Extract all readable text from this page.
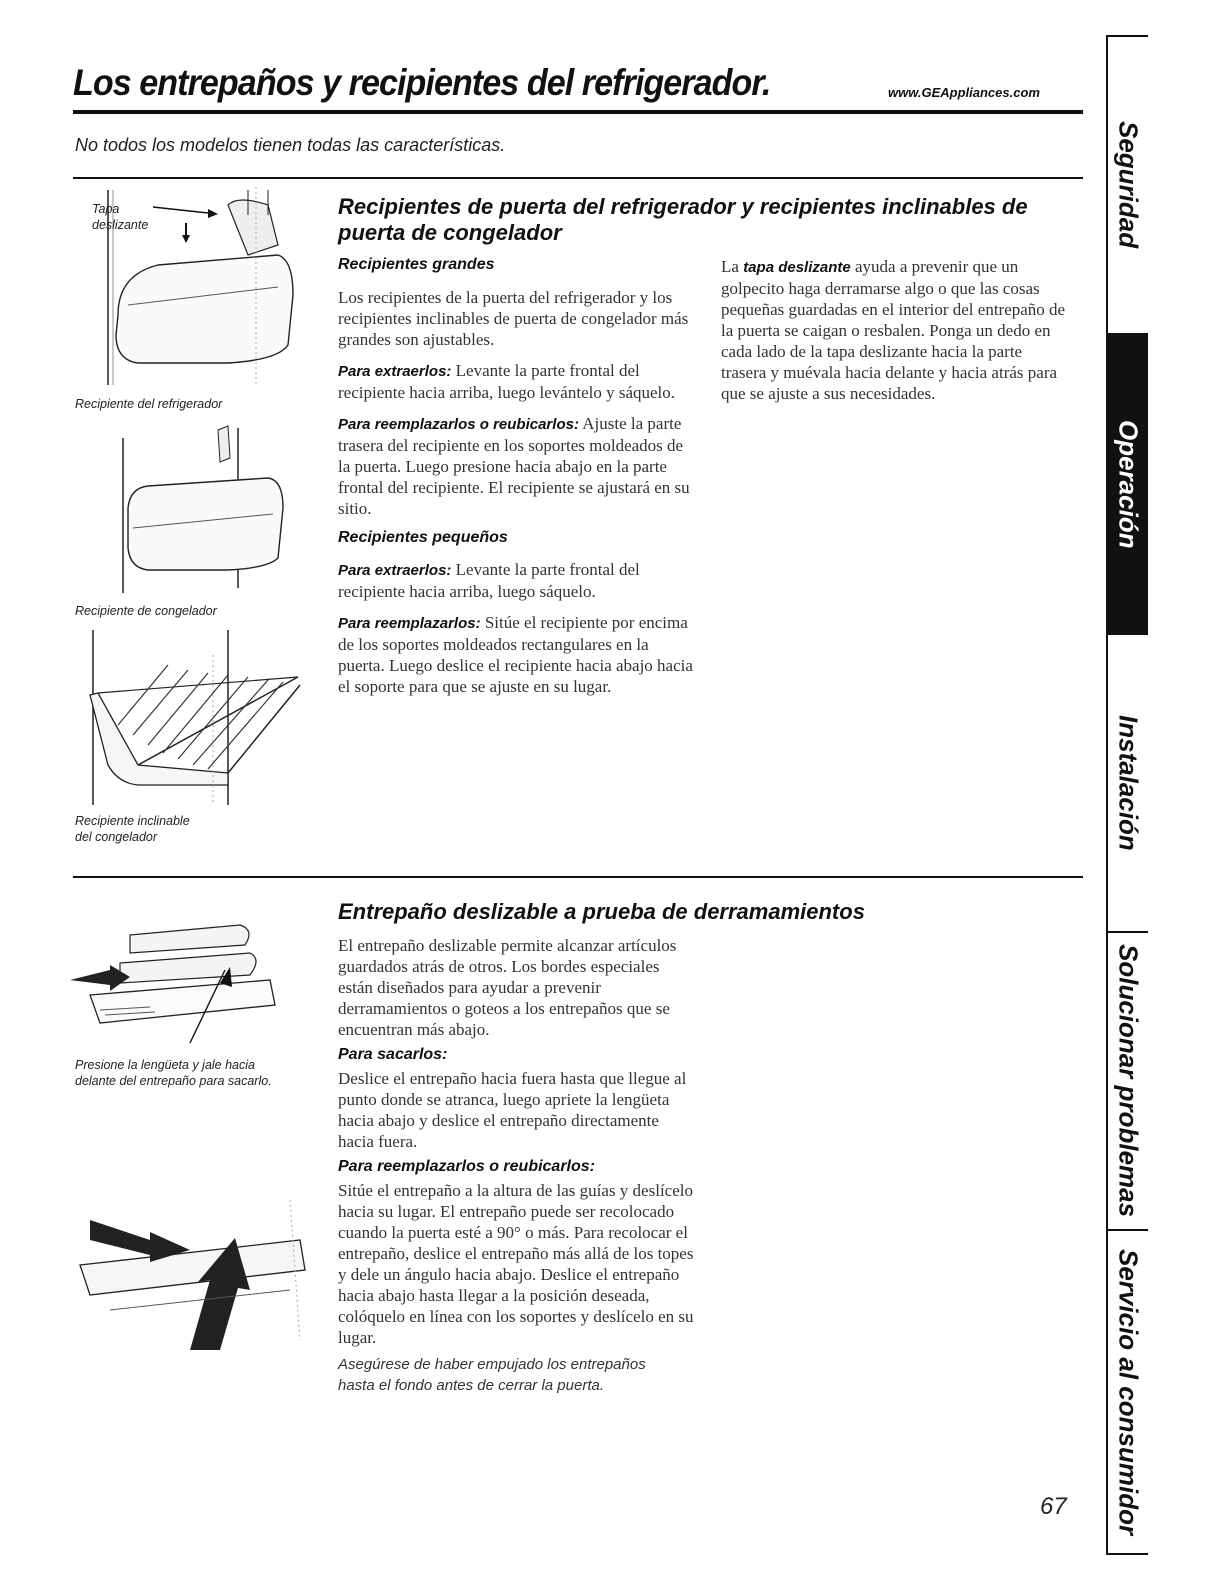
Los entrepaños y recipientes del refrigerador.	www.GEAppliances.com
No todos los modelos tienen todas las características.
Tapa
deslizante
Recipiente del refrigerador
Recipiente de congelador
Recipiente inclinable
del congelador
Recipientes de puerta del refrigerador y recipientes inclinables de puerta de congelador
Recipientes grandes

Los recipientes de la puerta del refrigerador y los recipientes inclinables de puerta de congelador más grandes son ajustables.

Para extraerlos: Levante la parte frontal del recipiente hacia arriba, luego levántelo y sáquelo.

Para reemplazarlos o reubicarlos: Ajuste la parte trasera del recipiente en los soportes moldeados de la puerta. Luego presione hacia abajo en la parte frontal del recipiente. El recipiente se ajustará en su sitio.

Recipientes pequeños

Para extraerlos: Levante la parte frontal del recipiente hacia arriba, luego sáquelo.

Para reemplazarlos: Sitúe el recipiente por encima de los soportes moldeados rectangulares en la puerta. Luego deslice el recipiente hacia abajo hacia el soporte para que se ajuste en su lugar.

La tapa deslizante ayuda a prevenir que un golpecito haga derramarse algo o que las cosas pequeñas guardadas en el interior del entrepaño de la puerta se caigan o resbalen. Ponga un dedo en cada lado de la tapa deslizante hacia la parte trasera y muévala hacia delante y hacia atrás para que se ajuste a sus necesidades.

Presione la lengüeta y jale hacia delante del entrepaño para sacarlo.
Entrepaño deslizable a prueba de derramamientos

El entrepaño deslizable permite alcanzar artículos guardados atrás de otros. Los bordes especiales están diseñados para ayudar a prevenir derramamientos o goteos a los entrepaños que se encuentran más abajo.

Para sacarlos:

Deslice el entrepaño hacia fuera hasta que llegue al punto donde se atranca, luego apriete la lengüeta hacia abajo y deslice el entrepaño directamente hacia fuera.

Para reemplazarlos o reubicarlos:

Sitúe el entrepaño a la altura de las guías y deslícelo hacia su lugar. El entrepaño puede ser recolocado cuando la puerta esté a 90° o más. Para recolocar el entrepaño, deslice el entrepaño más allá de los topes y dele un ángulo hacia abajo. Deslice el entrepaño hacia abajo hasta llegar a la posición deseada, colóquelo en línea con los soportes y deslícelo en su lugar.

Asegúrese de haber empujado los entrepaños hasta el fondo antes de cerrar la puerta.

67
Seguridad
Operación
Instalación
Solucionar problemas
Servicio al consumidor
